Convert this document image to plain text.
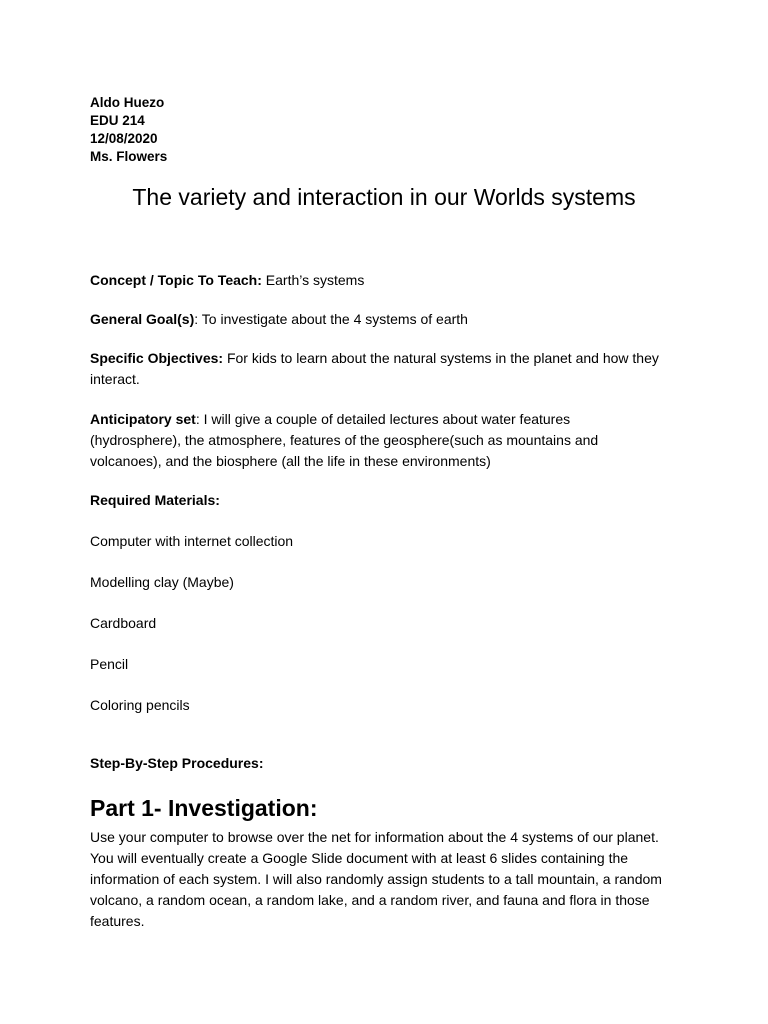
Aldo Huezo
EDU 214
12/08/2020
Ms. Flowers
The variety and interaction in our Worlds systems
Concept / Topic To Teach: Earth’s systems
General Goal(s): To investigate about the 4 systems of earth
Specific Objectives: For kids to learn about the natural systems in the planet and how they interact.
Anticipatory set: I will give a couple of detailed lectures about water features (hydrosphere), the atmosphere, features of the geosphere(such as mountains and volcanoes), and the biosphere (all the life in these environments)
Required Materials:
Computer with internet collection
Modelling clay (Maybe)
Cardboard
Pencil
Coloring pencils
Step-By-Step Procedures:
Part 1- Investigation:
Use your computer to browse over the net for information about the 4 systems of our planet. You will eventually create a Google Slide document with at least 6 slides containing the information of each system. I will also randomly assign students to a tall mountain, a random volcano, a random ocean, a random lake, and a random river, and fauna and flora in those features.
